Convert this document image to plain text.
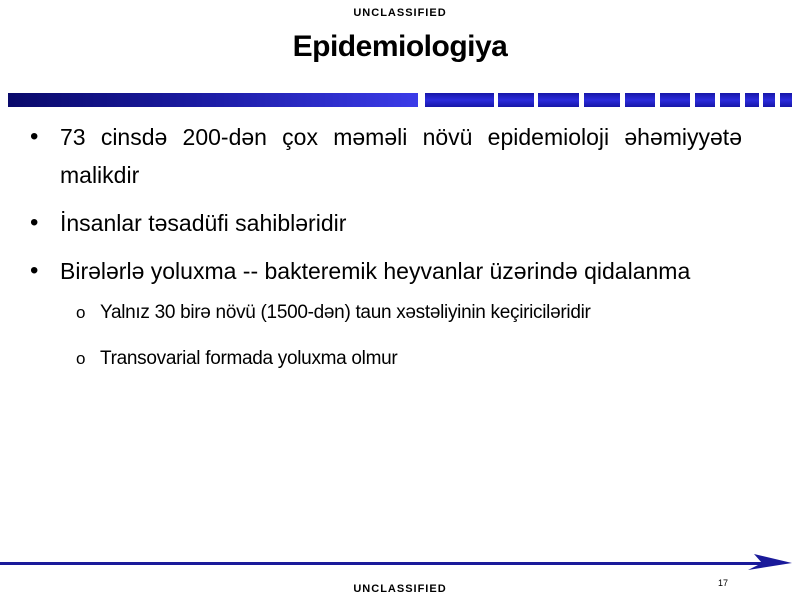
UNCLASSIFIED
Epidemiologiya
• 73 cinsdə 200-dən çox məməli növü epidemioloji əhəmiyyətə malikdir
• İnsanlar təsadüfi sahibləridir
• Birələrlə yoluxma -- bakteremik heyvanlar üzərində qidalanma
o Yalnız 30 birə növü (1500-dən) taun xəstəliyinin keçiriciləridir
o Transovarial formada yoluxma olmur
17
UNCLASSIFIED
